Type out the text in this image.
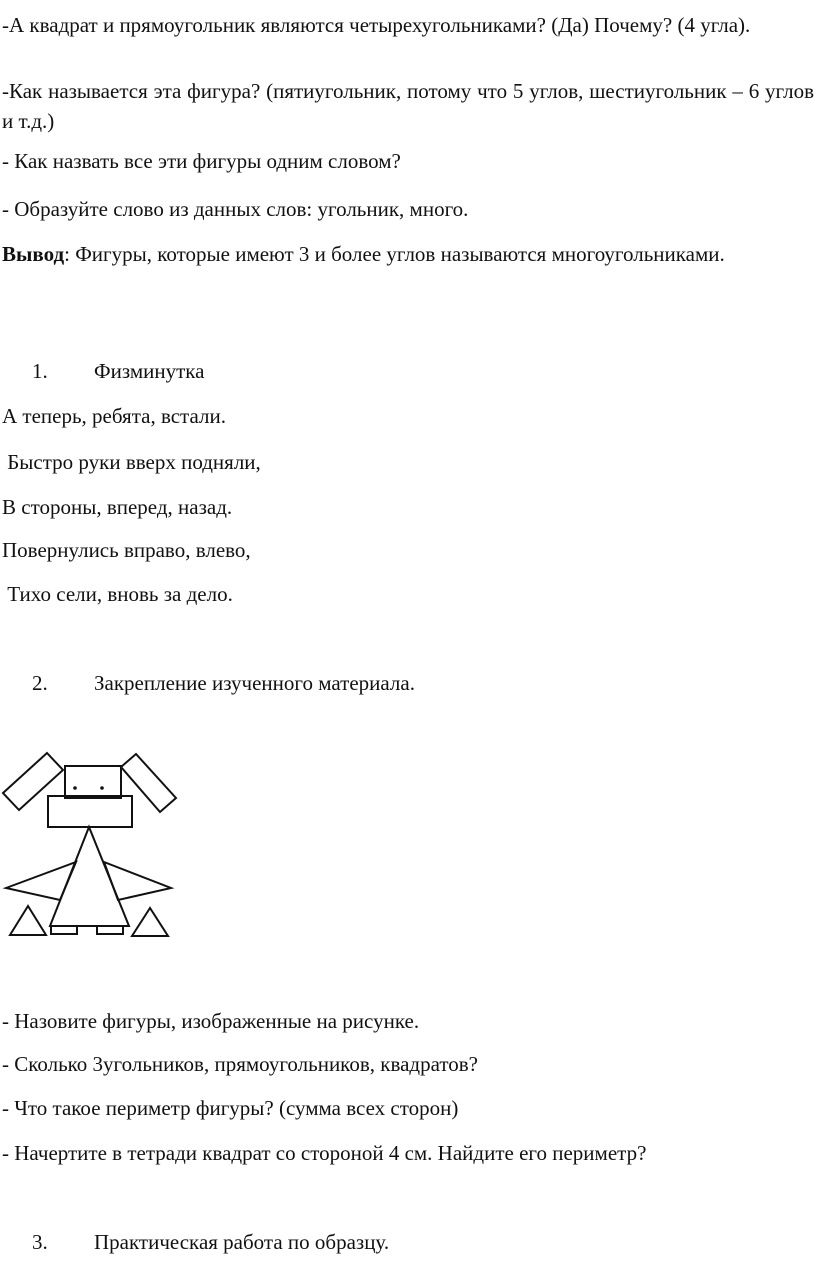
-А квадрат и прямоугольник являются четырехугольниками? (Да) Почему? (4 угла).

-Как называется эта фигура? (пятиугольник, потому что 5 углов, шестиугольник – 6 углов и т.д.)

- Как назвать все эти фигуры одним словом?

- Образуйте слово из данных слов: угольник, много.

Вывод: Фигуры, которые имеют 3 и более углов называются многоугольниками.

1. Физминутка

А теперь, ребята, встали.

Быстро руки вверх подняли,

В стороны, вперед, назад.

Повернулись вправо, влево,

Тихо сели, вновь за дело.

2. Закрепление изученного материала.

- Назовите фигуры, изображенные на рисунке.

- Сколько 3угольников, прямоугольников, квадратов?

- Что такое периметр фигуры? (сумма всех сторон)

- Начертите в тетради квадрат со стороной 4 см. Найдите его периметр?

3. Практическая работа по образцу.
